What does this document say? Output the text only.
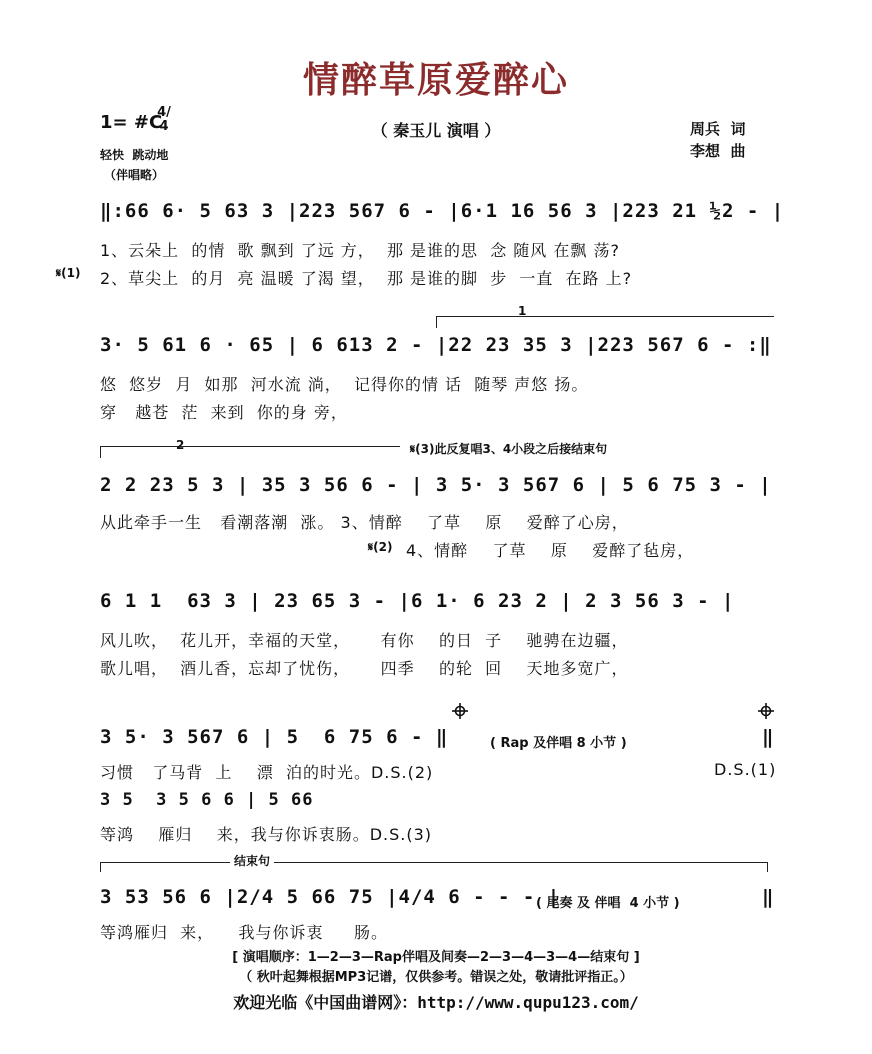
情醉草原爱醉心
（ 秦玉儿 演唱 ）
1= #C
4/4
轻快  跳动地
（伴唱略）
周兵  词
李想  曲
‖:66 6· 5 63 3 |223 567 6 - |6·1 16 56 3 |223 21 ½2 - |
1、云朵上  的情  歌 飘到 了远 方，  那 是谁的思  念 随风 在飘 荡?
𝄋(1) 2、草尖上  的月  亮 温暖 了渴 望，  那 是谁的脚  步  一直  在路 上?
1
3· 5 61 6 · 65 | 6 613 2 - |22 23 35 3 |223 567 6 - :‖
悠  悠岁  月  如那  河水流 淌，  记得你的情 话  随琴 声悠 扬。
穿   越苍  茫  来到  你的身 旁，
2	𝄋(3)此反复唱3、4小段之后接结束句
2 2 23 5 3 | 35 3 56 6 - | 3 5· 3 567 6 | 5 6 75 3 - |
从此牵手一生   看潮落潮  涨。 3、情醉    了草    原    爱醉了心房，
𝄋(2) 4、情醉    了草    原    爱醉了毡房，
6 1 1  63 3 | 23 65 3 - |6 1· 6 23 2 | 2 3 56 3 - |
风儿吹，  花儿开，幸福的天堂，     有你    的日  子    驰骋在边疆，
歌儿唱，  酒儿香，忘却了忧伤，     四季    的轮  回    天地多宽广，
3 5· 3 567 6 | 5  6 75 6 - ‖	( Rap 及伴唱 8 小节 )	‖
习惯   了马背  上    漂  泊的时光。D.S.(2)	D.S.(1)
3 5  3 5 6 6 | 5 66
等鸿    雁归    来，我与你诉衷肠。D.S.(3)
结束句
3 53 56 6 |2/4 5 66 75 |4/4 6 - - - |
( 尾奏 及 伴唱  4 小节 )	‖
等鸿雁归  来，    我与你诉衷     肠。
[ 演唱顺序：1—2—3—Rap伴唱及间奏—2—3—4—3—4—结束句 ]
（ 秋叶起舞根据MP3记谱，仅供参考。错误之处，敬请批评指正。）
欢迎光临《中国曲谱网》：http://www.qupu123.com/
